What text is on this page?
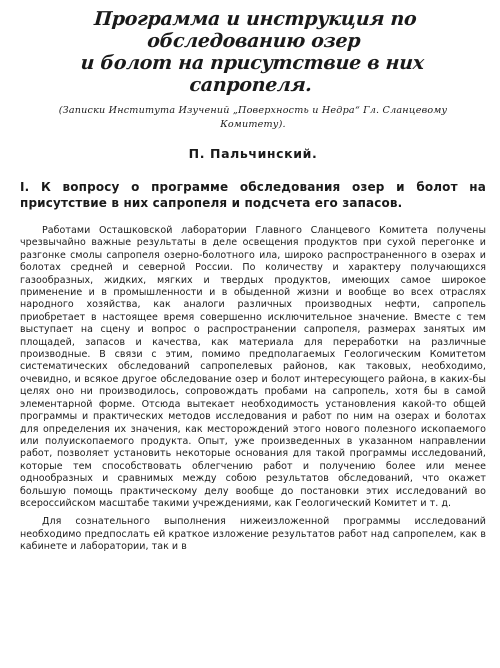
Программа и инструкция по обследованию озер
и болот на присутствие в них сапропеля.
(Записки Института Изучений „Поверхность и Недра“ Гл. Сланцевому Комитету).
П. Пальчинский.
I. К вопросу о программе обследования озер и болот на присутствие в них сапропеля и подсчета его запасов.

Работами Осташковской лаборатории Главного Сланцевого Комитета получены чрезвычайно важные результаты в деле освещения продуктов при сухой перегонке и разгонке смолы сапропеля озерно-болотного ила, широко распространенного в озерах и болотах средней и северной России. По количеству и характеру получающихся газообразных, жидких, мягких и твердых продуктов, имеющих самое широкое применение и в промышленности и в обыденной жизни и вообще во всех отраслях народного хозяйства, как аналоги различных производных нефти, сапропель приобретает в настоящее время совершенно исключительное значение. Вместе с тем выступает на сцену и вопрос о распространении сапропеля, размерах занятых им площадей, запасов и качества, как материала для переработки на различные производные. В связи с этим, помимо предполагаемых Геологическим Комитетом систематических обследований сапропелевых районов, как таковых, необходимо, очевидно, и всякое другое обследование озер и болот интересующего района, в каких-бы целях оно ни производилось, сопровождать пробами на сапропель, хотя бы в самой элементарной форме. Отсюда вытекает необходимость установления какой-то общей программы и практических методов исследования и работ по ним на озерах и болотах для определения их значения, как месторождений этого нового полезного ископаемого или полуископаемого продукта. Опыт, уже произведенных в указанном направлении работ, позволяет установить некоторые основания для такой программы исследований, которые тем способствовать облегчению работ и получению более или менее однообразных и сравнимых между собою результатов обследований, что окажет большую помощь практическому делу вообще до постановки этих исследований во всероссийском масштабе такими учреждениями, как Геологический Комитет и т. д.

Для сознательного выполнения нижеизложенной программы исследований необходимо предпослать ей краткое изложение результатов работ над сапропелем, как в кабинете и лаборатории, так и в
